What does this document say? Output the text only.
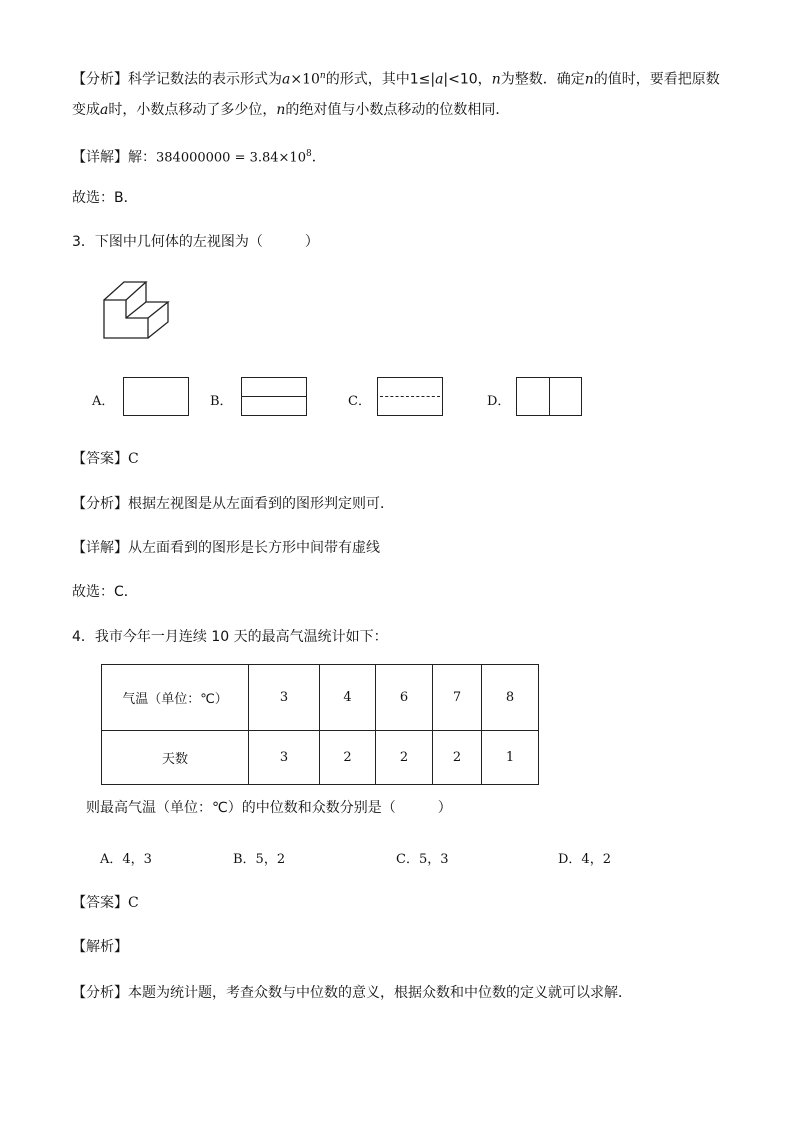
【分析】科学记数法的表示形式为$a\times 10^n$的形式，其中1≤|a|<10，n为整数．确定n的值时，要看把原数
变成a时，小数点移动了多少位，n的绝对值与小数点移动的位数相同．
【详解】解：$384000000 = 3.84\times 10^8$．
故选：B．
3．下图中几何体的左视图为（　　　）
A．	B．	C．	D．
【答案】C
【分析】根据左视图是从左面看到的图形判定则可．
【详解】从左面看到的图形是长方形中间带有虚线
故选：C．
4．我市今年一月连续 10 天的最高气温统计如下：
气温（单位：℃）	3	4	6	7	8
天数	3	2	2	2	1
则最高气温（单位：℃）的中位数和众数分别是（　　　）
A．4，3	B．5，2	C．5，3	D．4，2
【答案】C
【解析】
【分析】本题为统计题，考查众数与中位数的意义，根据众数和中位数的定义就可以求解．
